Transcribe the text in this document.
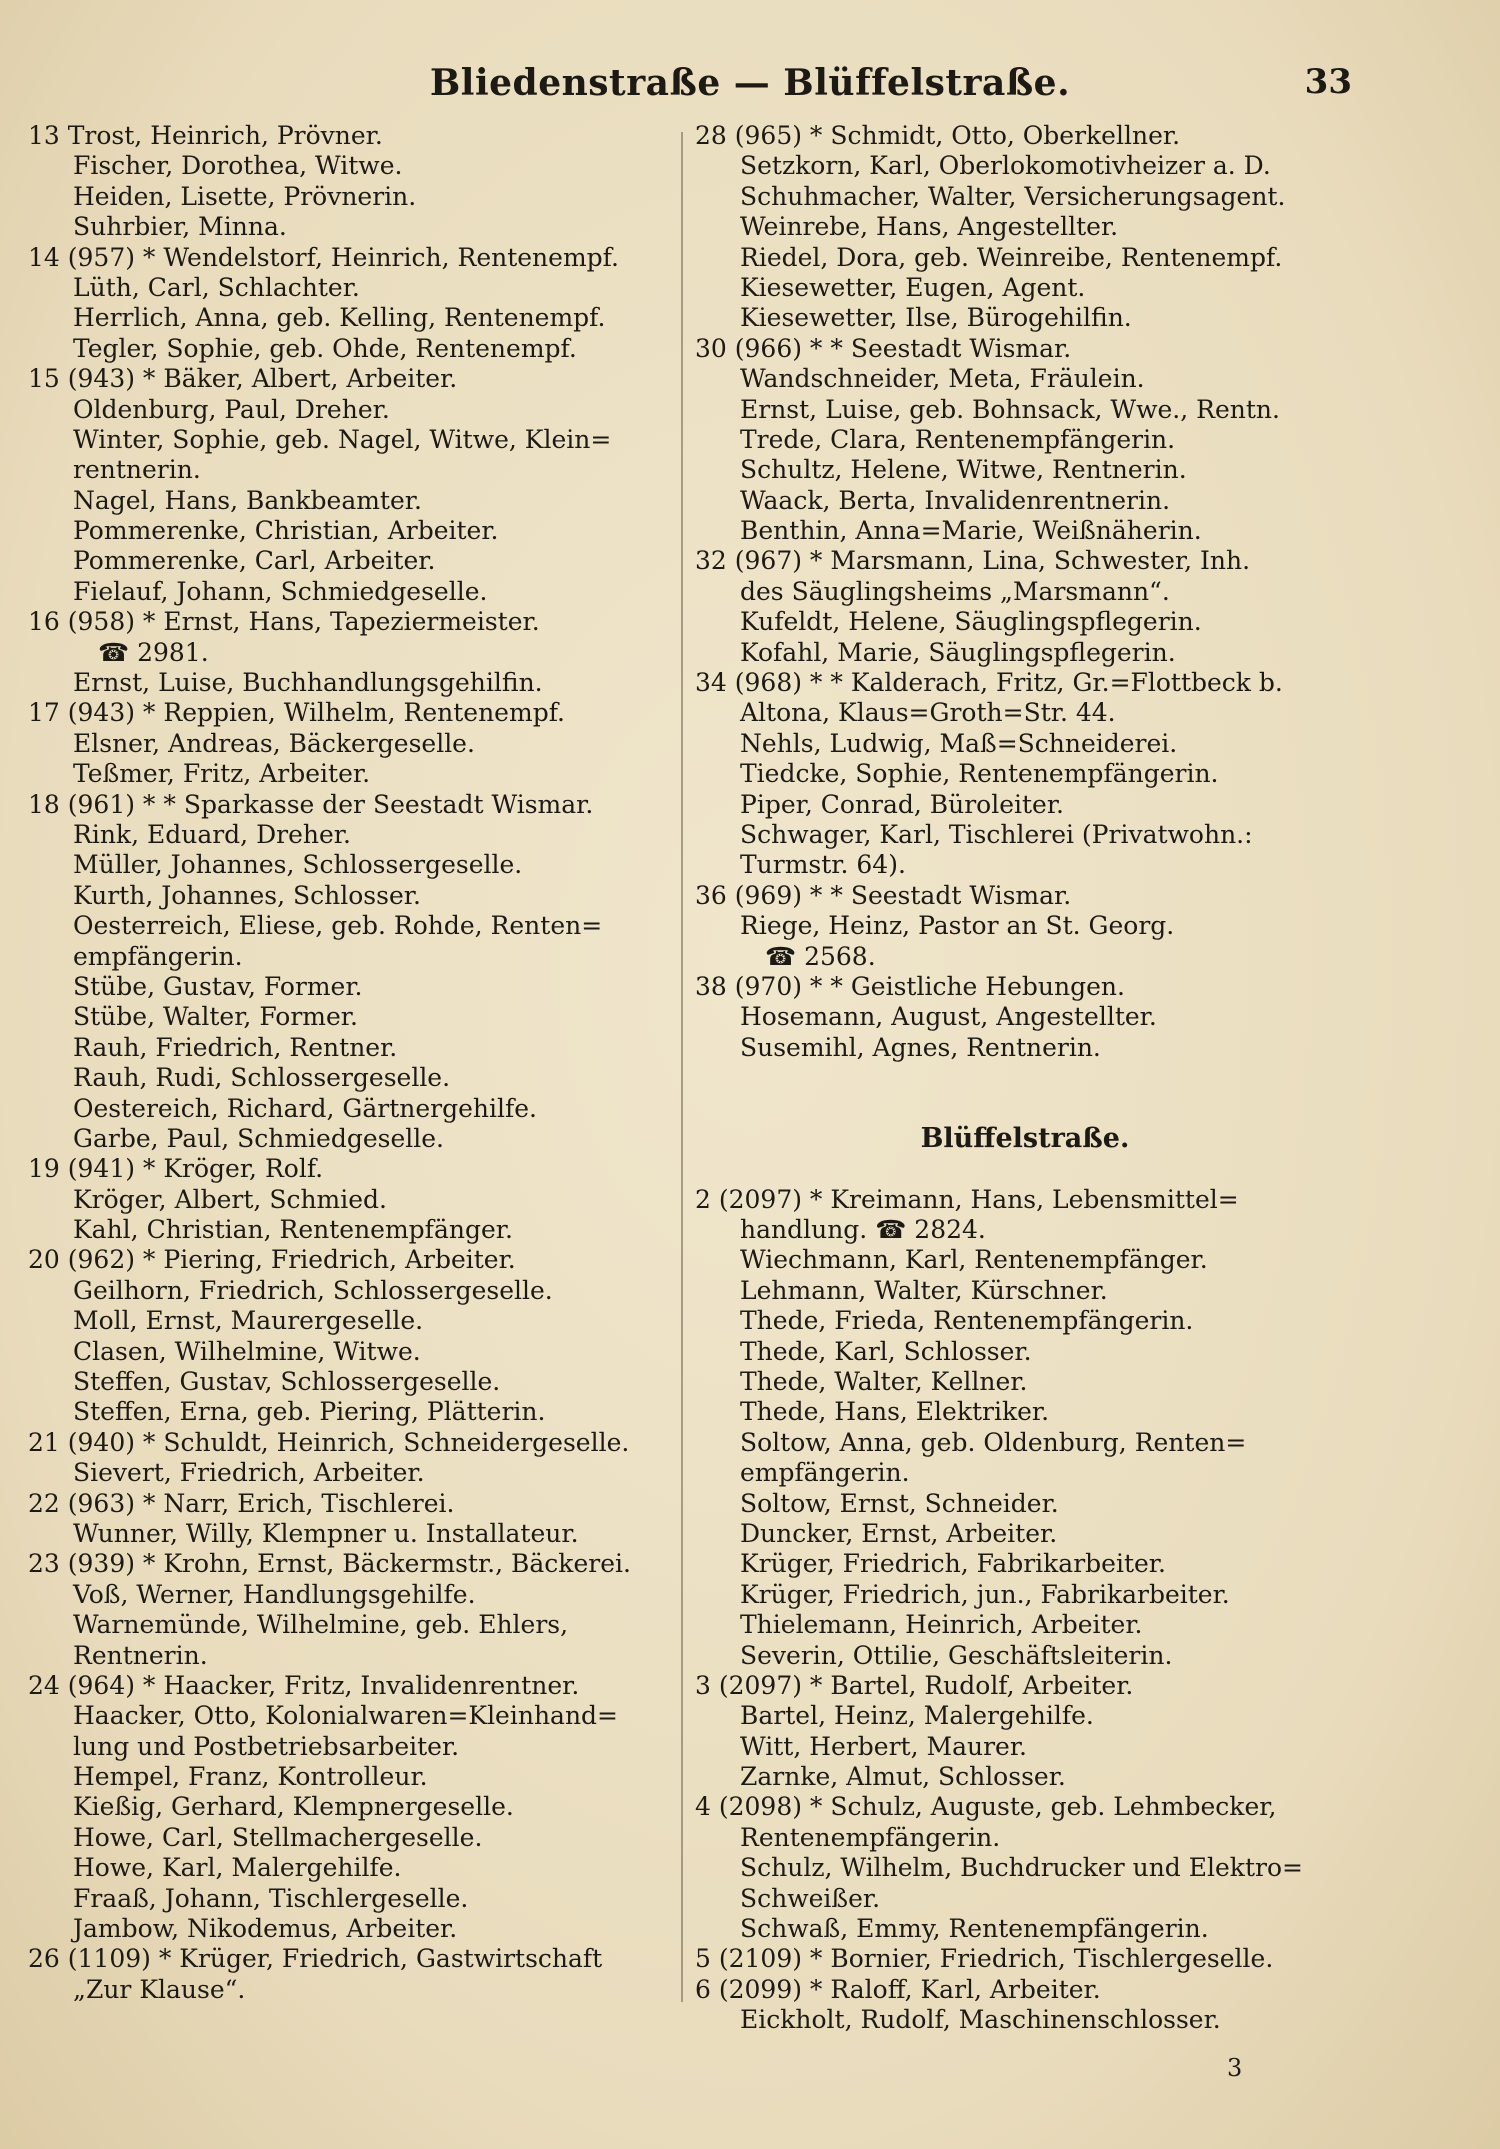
Bliedenstraße — Blüffelstraße.	33
13 Trost, Heinrich, Prövner.
Fischer, Dorothea, Witwe.
Heiden, Lisette, Prövnerin.
Suhrbier, Minna.
14 (957) * Wendelstorf, Heinrich, Rentenempf.
Lüth, Carl, Schlachter.
Herrlich, Anna, geb. Kelling, Rentenempf.
Tegler, Sophie, geb. Ohde, Rentenempf.
15 (943) * Bäker, Albert, Arbeiter.
Oldenburg, Paul, Dreher.
Winter, Sophie, geb. Nagel, Witwe, Klein=
rentnerin.
Nagel, Hans, Bankbeamter.
Pommerenke, Christian, Arbeiter.
Pommerenke, Carl, Arbeiter.
Fielauf, Johann, Schmiedgeselle.
16 (958) * Ernst, Hans, Tapeziermeister.
☎ 2981.
Ernst, Luise, Buchhandlungsgehilfin.
17 (943) * Reppien, Wilhelm, Rentenempf.
Elsner, Andreas, Bäckergeselle.
Teßmer, Fritz, Arbeiter.
18 (961) * * Sparkasse der Seestadt Wismar.
Rink, Eduard, Dreher.
Müller, Johannes, Schlossergeselle.
Kurth, Johannes, Schlosser.
Oesterreich, Eliese, geb. Rohde, Renten=
empfängerin.
Stübe, Gustav, Former.
Stübe, Walter, Former.
Rauh, Friedrich, Rentner.
Rauh, Rudi, Schlossergeselle.
Oestereich, Richard, Gärtnergehilfe.
Garbe, Paul, Schmiedgeselle.
19 (941) * Kröger, Rolf.
Kröger, Albert, Schmied.
Kahl, Christian, Rentenempfänger.
20 (962) * Piering, Friedrich, Arbeiter.
Geilhorn, Friedrich, Schlossergeselle.
Moll, Ernst, Maurergeselle.
Clasen, Wilhelmine, Witwe.
Steffen, Gustav, Schlossergeselle.
Steffen, Erna, geb. Piering, Plätterin.
21 (940) * Schuldt, Heinrich, Schneidergeselle.
Sievert, Friedrich, Arbeiter.
22 (963) * Narr, Erich, Tischlerei.
Wunner, Willy, Klempner u. Installateur.
23 (939) * Krohn, Ernst, Bäckermstr., Bäckerei.
Voß, Werner, Handlungsgehilfe.
Warnemünde, Wilhelmine, geb. Ehlers,
Rentnerin.
24 (964) * Haacker, Fritz, Invalidenrentner.
Haacker, Otto, Kolonialwaren=Kleinhand=
lung und Postbetriebsarbeiter.
Hempel, Franz, Kontrolleur.
Kießig, Gerhard, Klempnergeselle.
Howe, Carl, Stellmachergeselle.
Howe, Karl, Malergehilfe.
Fraaß, Johann, Tischlergeselle.
Jambow, Nikodemus, Arbeiter.
26 (1109) * Krüger, Friedrich, Gastwirtschaft
„Zur Klause“.
28 (965) * Schmidt, Otto, Oberkellner.
Setzkorn, Karl, Oberlokomotivheizer a. D.
Schuhmacher, Walter, Versicherungsagent.
Weinrebe, Hans, Angestellter.
Riedel, Dora, geb. Weinreibe, Rentenempf.
Kiesewetter, Eugen, Agent.
Kiesewetter, Ilse, Bürogehilfin.
30 (966) * * Seestadt Wismar.
Wandschneider, Meta, Fräulein.
Ernst, Luise, geb. Bohnsack, Wwe., Rentn.
Trede, Clara, Rentenempfängerin.
Schultz, Helene, Witwe, Rentnerin.
Waack, Berta, Invalidenrentnerin.
Benthin, Anna=Marie, Weißnäherin.
32 (967) * Marsmann, Lina, Schwester, Inh.
des Säuglingsheims „Marsmann“.
Kufeldt, Helene, Säuglingspflegerin.
Kofahl, Marie, Säuglingspflegerin.
34 (968) * * Kalderach, Fritz, Gr.=Flottbeck b.
Altona, Klaus=Groth=Str. 44.
Nehls, Ludwig, Maß=Schneiderei.
Tiedcke, Sophie, Rentenempfängerin.
Piper, Conrad, Büroleiter.
Schwager, Karl, Tischlerei (Privatwohn.:
Turmstr. 64).
36 (969) * * Seestadt Wismar.
Riege, Heinz, Pastor an St. Georg.
☎ 2568.
38 (970) * * Geistliche Hebungen.
Hosemann, August, Angestellter.
Susemihl, Agnes, Rentnerin.
Blüffelstraße.
2 (2097) * Kreimann, Hans, Lebensmittel=
handlung. ☎ 2824.
Wiechmann, Karl, Rentenempfänger.
Lehmann, Walter, Kürschner.
Thede, Frieda, Rentenempfängerin.
Thede, Karl, Schlosser.
Thede, Walter, Kellner.
Thede, Hans, Elektriker.
Soltow, Anna, geb. Oldenburg, Renten=
empfängerin.
Soltow, Ernst, Schneider.
Duncker, Ernst, Arbeiter.
Krüger, Friedrich, Fabrikarbeiter.
Krüger, Friedrich, jun., Fabrikarbeiter.
Thielemann, Heinrich, Arbeiter.
Severin, Ottilie, Geschäftsleiterin.
3 (2097) * Bartel, Rudolf, Arbeiter.
Bartel, Heinz, Malergehilfe.
Witt, Herbert, Maurer.
Zarnke, Almut, Schlosser.
4 (2098) * Schulz, Auguste, geb. Lehmbecker,
Rentenempfängerin.
Schulz, Wilhelm, Buchdrucker und Elektro=
Schweißer.
Schwaß, Emmy, Rentenempfängerin.
5 (2109) * Bornier, Friedrich, Tischlergeselle.
6 (2099) * Raloff, Karl, Arbeiter.
Eickholt, Rudolf, Maschinenschlosser.
3
